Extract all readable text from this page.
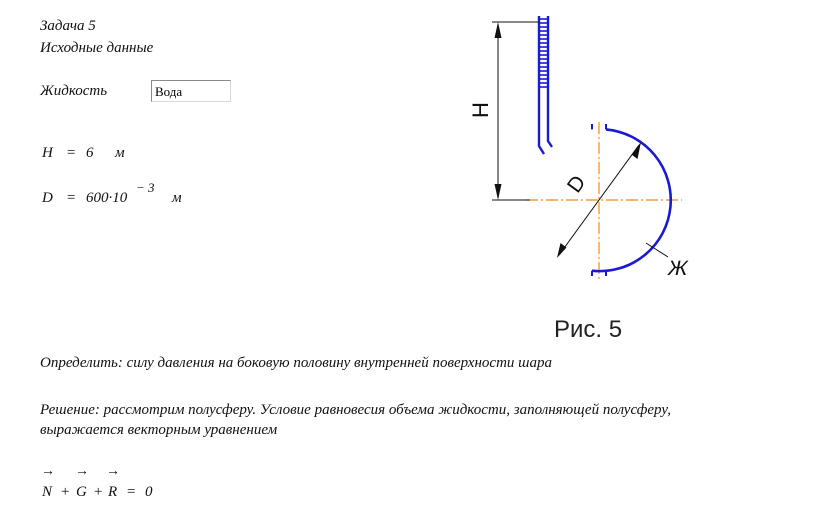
Задача 5
Исходные данные
Жидкость	Вода
H = 6 м
D = 600·10
− 3
м
H
D
Ж
Рис. 5
Определить: силу давления на боковую половину внутренней поверхности шара
Решение: рассмотрим полусферу. Условие равновесия объема жидкости, заполняющей полусферу,
выражается векторным уравнением
→ → →
N + G + R = 0
